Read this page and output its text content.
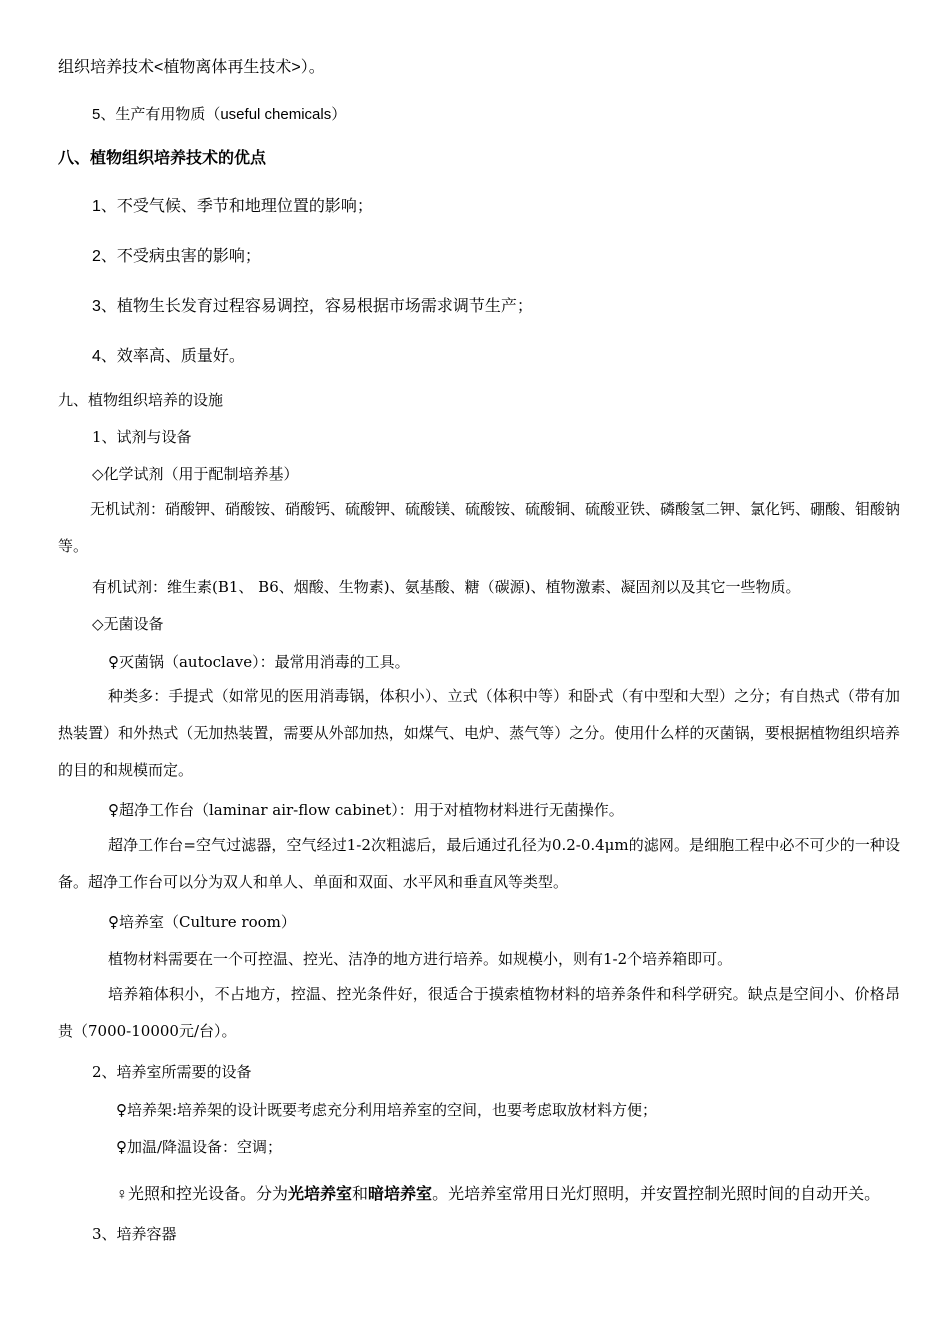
组织培养技术<植物离体再生技术>）。

5、生产有用物质（useful chemicals）

八、植物组织培养技术的优点

1、不受气候、季节和地理位置的影响；

2、不受病虫害的影响；

3、植物生长发育过程容易调控，容易根据市场需求调节生产；

4、效率高、质量好。

九、植物组织培养的设施

1、试剂与设备

◇化学试剂（用于配制培养基）

无机试剂：硝酸钾、硝酸铵、硝酸钙、硫酸钾、硫酸镁、硫酸铵、硫酸铜、硫酸亚铁、磷酸氢二钾、氯化钙、硼酸、钼酸钠等。

有机试剂：维生素(B1、 B6、烟酸、生物素)、氨基酸、糖（碳源)、植物激素、凝固剂以及其它一些物质。

◇无菌设备

♀灭菌锅（autoclave）：最常用消毒的工具。

种类多：手提式（如常见的医用消毒锅，体积小）、立式（体积中等）和卧式（有中型和大型）之分；有自热式（带有加热装置）和外热式（无加热装置，需要从外部加热，如煤气、电炉、蒸气等）之分。使用什么样的灭菌锅，要根据植物组织培养的目的和规模而定。

♀超净工作台（laminar air-flow cabinet）：用于对植物材料进行无菌操作。

超净工作台=空气过滤器，空气经过1-2次粗滤后，最后通过孔径为0.2-0.4μm的滤网。是细胞工程中必不可少的一种设备。超净工作台可以分为双人和单人、单面和双面、水平风和垂直风等类型。

♀培养室（Culture room）

植物材料需要在一个可控温、控光、洁净的地方进行培养。如规模小，则有1-2个培养箱即可。

培养箱体积小，不占地方，控温、控光条件好，很适合于摸索植物材料的培养条件和科学研究。缺点是空间小、价格昂贵（7000-10000元/台）。

2、培养室所需要的设备

♀培养架:培养架的设计既要考虑充分利用培养室的空间，也要考虑取放材料方便；

♀加温/降温设备：空调；

♀光照和控光设备。分为光培养室和暗培养室。光培养室常用日光灯照明，并安置控制光照时间的自动开关。

3、培养容器
